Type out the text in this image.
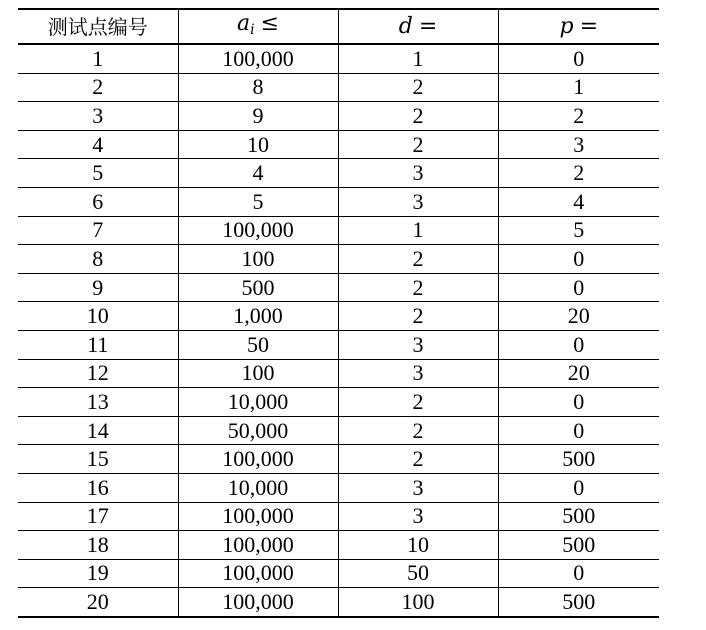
测试点编号	$a_i$ ≤	d =	p =
1	100,000	1	0
2	8	2	1
3	9	2	2
4	10	2	3
5	4	3	2
6	5	3	4
7	100,000	1	5
8	100	2	0
9	500	2	0
10	1,000	2	20
11	50	3	0
12	100	3	20
13	10,000	2	0
14	50,000	2	0
15	100,000	2	500
16	10,000	3	0
17	100,000	3	500
18	100,000	10	500
19	100,000	50	0
20	100,000	100	500
